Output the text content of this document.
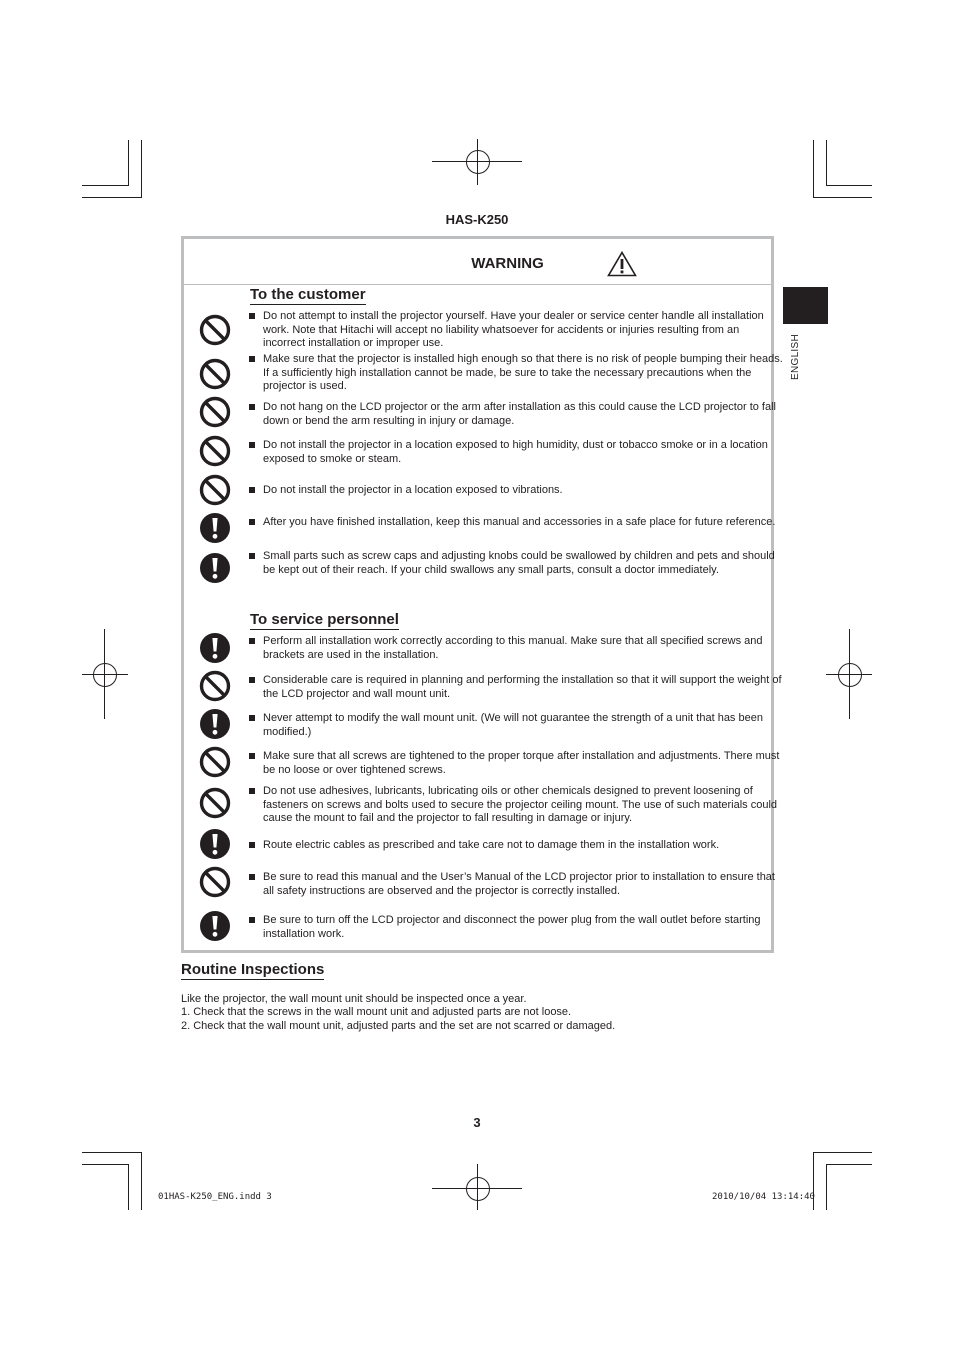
HAS-K250
WARNING
To the customer
To service personnel
Do not attempt to install the projector yourself. Have your dealer or service center handle all installation work. Note that Hitachi will accept no liability whatsoever for accidents or injuries resulting from an incorrect installation or improper use.
Make sure that the projector is installed high enough so that there is no risk of people bumping their heads. If a sufficiently high installation cannot be made, be sure to take the necessary precautions when the projector is used.
Do not hang on the LCD projector or the arm after installation as this could cause the LCD projector to fall down or bend the arm resulting in injury or damage.
Do not install the projector in a location exposed to high humidity, dust or tobacco smoke or in a location exposed to smoke or steam.
Do not install the projector in a location exposed to vibrations.
After you have finished installation, keep this manual and accessories in a safe place for future reference.
Small parts such as screw caps and adjusting knobs could be swallowed by children and pets and should be kept out of their reach. If your child swallows any small parts, consult a doctor immediately.
Perform all installation work correctly according to this manual. Make sure that all specified screws and brackets are used in the installation.
Considerable care is required in planning and performing the installation so that it will support the weight of the LCD projector and wall mount unit.
Never attempt to modify the wall mount unit. (We will not guarantee the strength of a unit that has been modified.)
Make sure that all screws are tightened to the proper torque after installation and adjustments. There must be no loose or over tightened screws.
Do not use adhesives, lubricants, lubricating oils or other chemicals designed to prevent loosening of fasteners on screws and bolts used to secure the projector ceiling mount. The use of such materials could cause the mount to fail and the projector to fall resulting in damage or injury.
Route electric cables as prescribed and take care not to damage them in the installation work.
Be sure to read this manual and the User’s Manual of the LCD projector prior to installation to ensure that all safety instructions are observed and the projector is correctly installed.
Be sure to turn off the LCD projector and disconnect the power plug from the wall outlet before starting installation work.
ENGLISH
Routine Inspections
Like the projector, the wall mount unit should be inspected once a year.
1. Check that the screws in the wall mount unit and adjusted parts are not loose.
2. Check that the wall mount unit, adjusted parts and the set are not scarred or damaged.
3
01HAS-K250_ENG.indd 3	2010/10/04 13:14:40
